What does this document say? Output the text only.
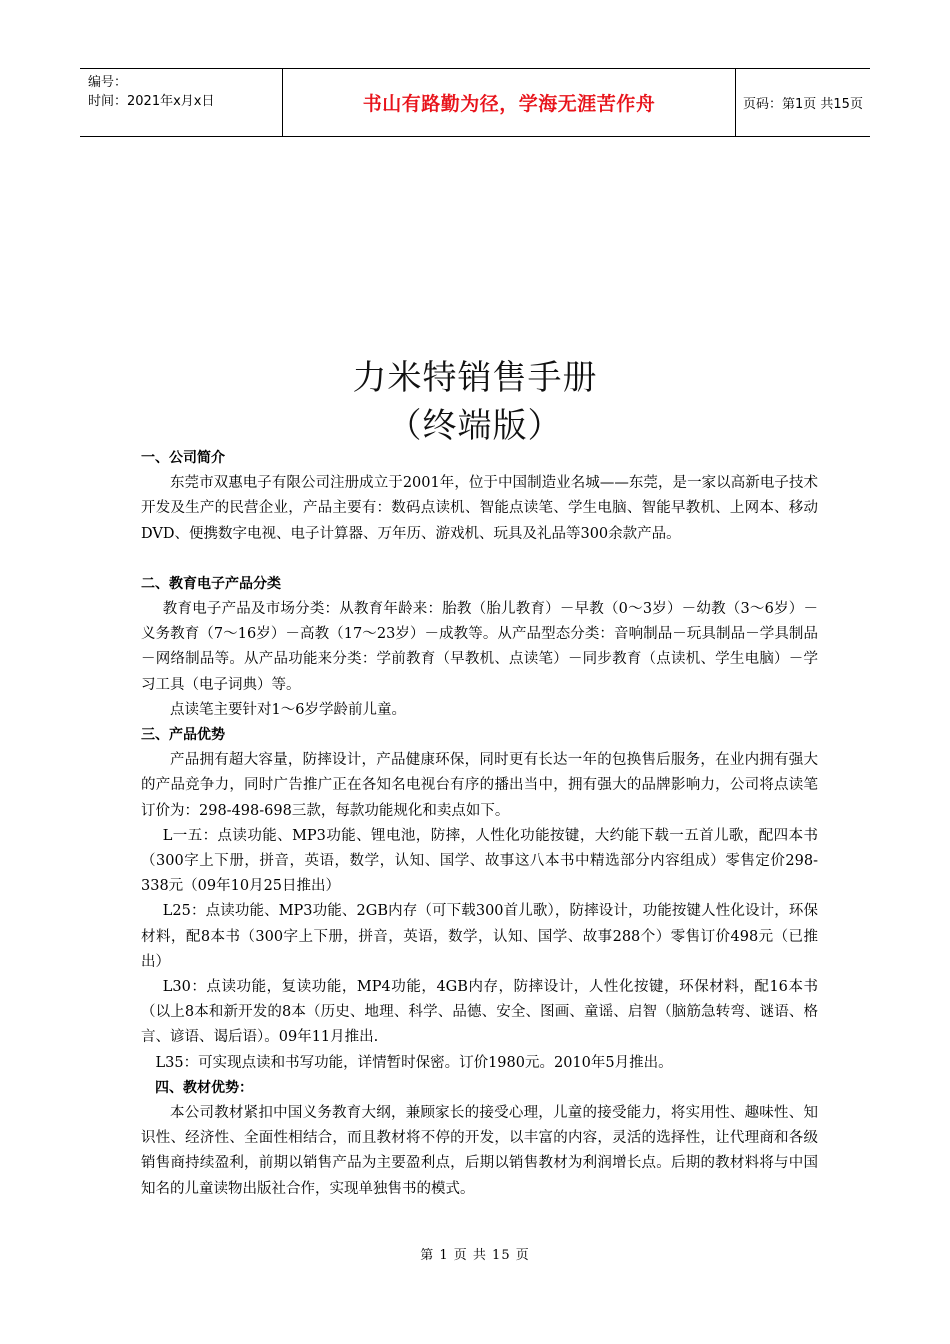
编号：
时间：2021年x月x日	书山有路勤为径，学海无涯苦作舟	页码：第1页 共15页
力米特销售手册
（终端版）

一、公司简介

东莞市双惠电子有限公司注册成立于2001年，位于中国制造业名城——东莞，是一家以高新电子技术开发及生产的民营企业，产品主要有：数码点读机、智能点读笔、学生电脑、智能早教机、上网本、移动DVD、便携数字电视、电子计算器、万年历、游戏机、玩具及礼品等300余款产品。

二、教育电子产品分类

教育电子产品及市场分类：从教育年龄来：胎教（胎儿教育）－早教（0～3岁）－幼教（3～6岁）－义务教育（7～16岁）－高教（17～23岁）－成教等。从产品型态分类：音响制品－玩具制品－学具制品－网络制品等。从产品功能来分类：学前教育（早教机、点读笔）－同步教育（点读机、学生电脑）－学习工具（电子词典）等。

点读笔主要针对1～6岁学龄前儿童。

三、产品优势

产品拥有超大容量，防摔设计，产品健康环保，同时更有长达一年的包换售后服务，在业内拥有强大的产品竞争力，同时广告推广正在各知名电视台有序的播出当中，拥有强大的品牌影响力，公司将点读笔订价为：298-498-698三款，每款功能规化和卖点如下。

L一五：点读功能、MP3功能、锂电池，防摔，人性化功能按键，大约能下载一五首儿歌，配四本书（300字上下册，拼音，英语，数学，认知、国学、故事这八本书中精选部分内容组成）零售定价298-338元（09年10月25日推出）

L25：点读功能、MP3功能、2GB内存（可下载300首儿歌），防摔设计，功能按键人性化设计，环保材料，配8本书（300字上下册，拼音，英语，数学，认知、国学、故事288个）零售订价498元（已推出）

L30：点读功能，复读功能，MP4功能，4GB内存，防摔设计，人性化按键，环保材料，配16本书（以上8本和新开发的8本（历史、地理、科学、品德、安全、图画、童谣、启智（脑筋急转弯、谜语、格言、谚语、谒后语）。09年11月推出.

L35：可实现点读和书写功能，详情暂时保密。订价1980元。2010年5月推出。

四、教材优势：

本公司教材紧扣中国义务教育大纲，兼顾家长的接受心理，儿童的接受能力，将实用性、趣味性、知识性、经济性、全面性相结合，而且教材将不停的开发，以丰富的内容，灵活的选择性，让代理商和各级销售商持续盈利，前期以销售产品为主要盈利点，后期以销售教材为利润增长点。后期的教材料将与中国知名的儿童读物出版社合作，实现单独售书的模式。

第 1 页 共 15 页
